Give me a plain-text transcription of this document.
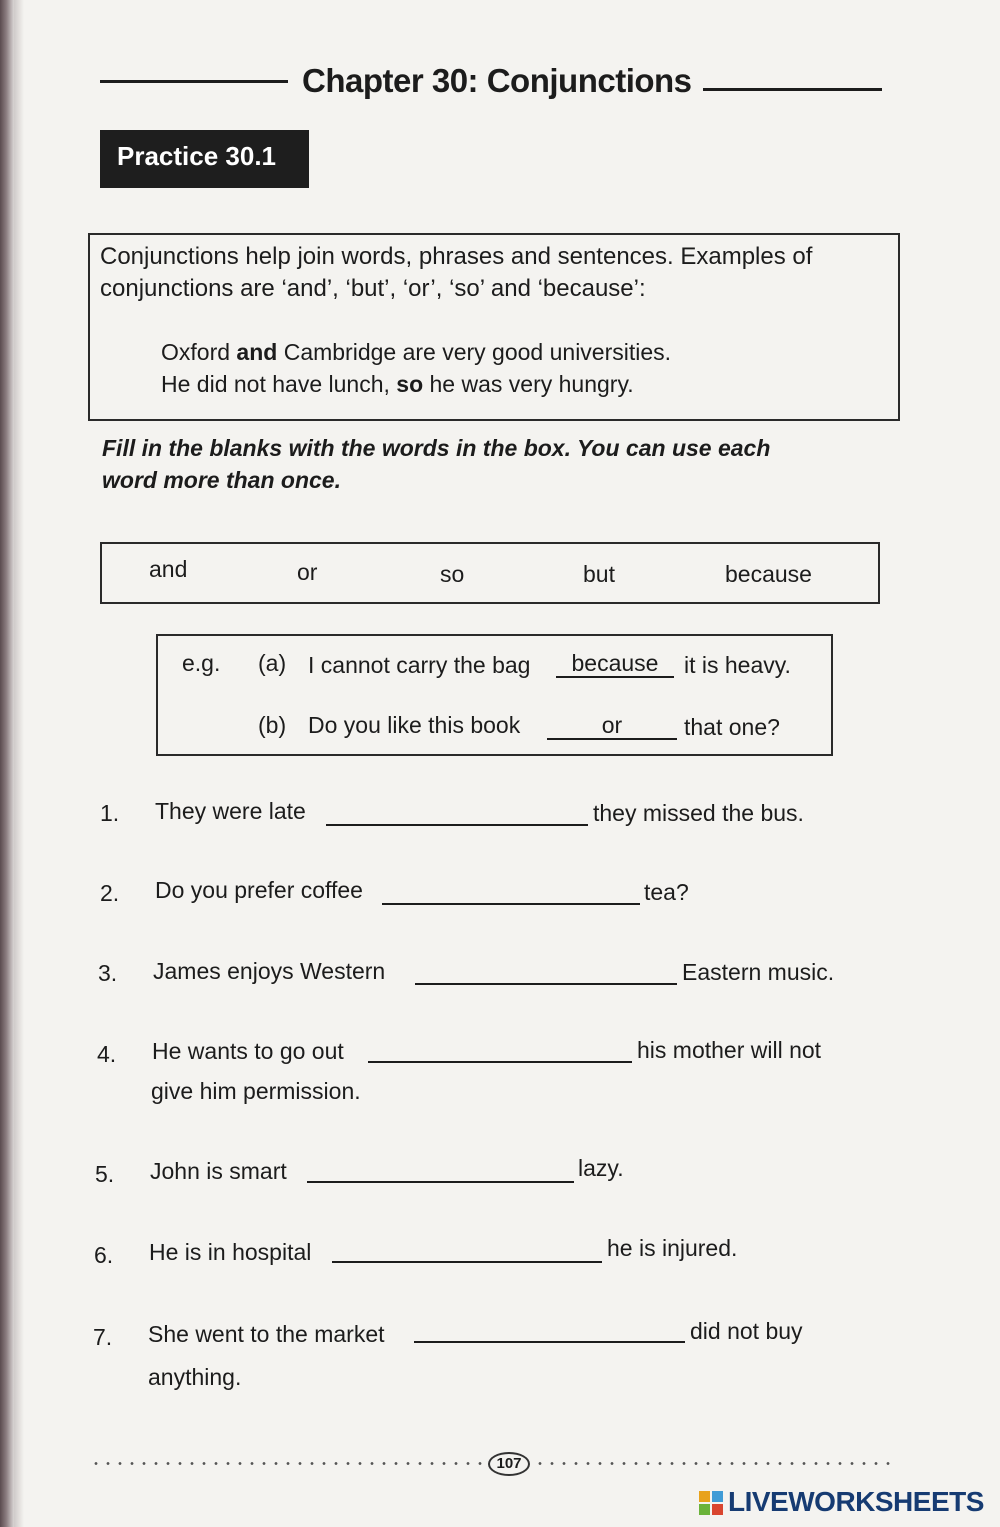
Chapter 30: Conjunctions
Practice 30.1
Conjunctions help join words, phrases and sentences. Examples of
conjunctions are ‘and’, ‘but’, ‘or’, ‘so’ and ‘because’:
Oxford and Cambridge are very good universities.
He did not have lunch, so he was very hungry.
Fill in the blanks with the words in the box. You can use each
word more than once.
and	or	so	but	because
e.g. (a) I cannot carry the bag	because	it is heavy.
(b) Do you like this book	or	that one?
1. They were late	they missed the bus.
2. Do you prefer coffee	tea?
3. James enjoys Western	Eastern music.
4. He wants to go out	his mother will not
give him permission.
5. John is smart	lazy.
6. He is in hospital	he is injured.
7. She went to the market	did not buy
anything.
107
LIVEWORKSHEETS
